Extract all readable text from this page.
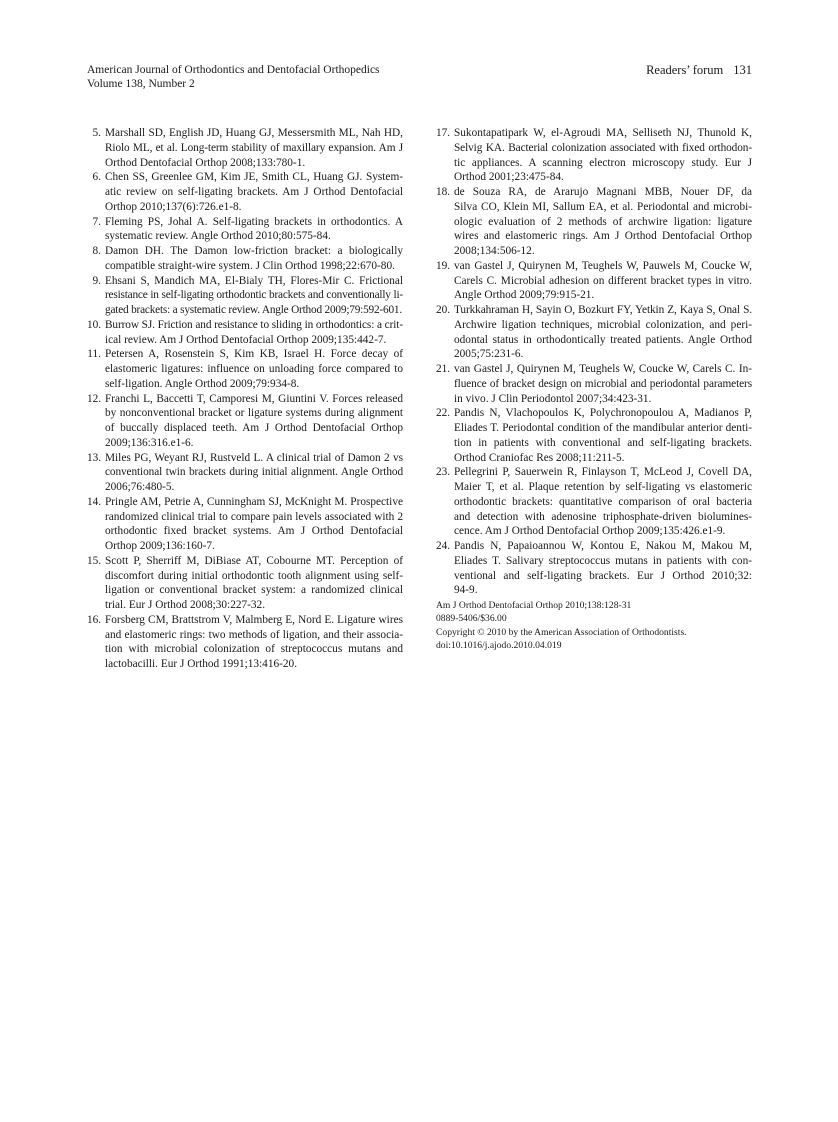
American Journal of Orthodontics and Dentofacial Orthopedics
Volume 138, Number 2
Readers’ forum 131
5. Marshall SD, English JD, Huang GJ, Messersmith ML, Nah HD,
Riolo ML, et al. Long-term stability of maxillary expansion. Am J
Orthod Dentofacial Orthop 2008;133:780-1.
6. Chen SS, Greenlee GM, Kim JE, Smith CL, Huang GJ. System-
atic review on self-ligating brackets. Am J Orthod Dentofacial
Orthop 2010;137(6):726.e1-8.
7. Fleming PS, Johal A. Self-ligating brackets in orthodontics. A
systematic review. Angle Orthod 2010;80:575-84.
8. Damon DH. The Damon low-friction bracket: a biologically
compatible straight-wire system. J Clin Orthod 1998;22:670-80.
9. Ehsani S, Mandich MA, El-Bialy TH, Flores-Mir C. Frictional
resistance in self-ligating orthodontic brackets and conventionally li-
gated brackets: a systematic review. Angle Orthod 2009;79:592-601.
10. Burrow SJ. Friction and resistance to sliding in orthodontics: a crit-
ical review. Am J Orthod Dentofacial Orthop 2009;135:442-7.
11. Petersen A, Rosenstein S, Kim KB, Israel H. Force decay of
elastomeric ligatures: influence on unloading force compared to
self-ligation. Angle Orthod 2009;79:934-8.
12. Franchi L, Baccetti T, Camporesi M, Giuntini V. Forces released
by nonconventional bracket or ligature systems during alignment
of buccally displaced teeth. Am J Orthod Dentofacial Orthop
2009;136:316.e1-6.
13. Miles PG, Weyant RJ, Rustveld L. A clinical trial of Damon 2 vs
conventional twin brackets during initial alignment. Angle Orthod
2006;76:480-5.
14. Pringle AM, Petrie A, Cunningham SJ, McKnight M. Prospective
randomized clinical trial to compare pain levels associated with 2
orthodontic fixed bracket systems. Am J Orthod Dentofacial
Orthop 2009;136:160-7.
15. Scott P, Sherriff M, DiBiase AT, Cobourne MT. Perception of
discomfort during initial orthodontic tooth alignment using self-
ligation or conventional bracket system: a randomized clinical
trial. Eur J Orthod 2008;30:227-32.
16. Forsberg CM, Brattstrom V, Malmberg E, Nord E. Ligature wires
and elastomeric rings: two methods of ligation, and their associa-
tion with microbial colonization of streptococcus mutans and
lactobacilli. Eur J Orthod 1991;13:416-20.
17. Sukontapatipark W, el-Agroudi MA, Selliseth NJ, Thunold K,
Selvig KA. Bacterial colonization associated with fixed orthodon-
tic appliances. A scanning electron microscopy study. Eur J
Orthod 2001;23:475-84.
18. de Souza RA, de Ararujo Magnani MBB, Nouer DF, da
Silva CO, Klein MI, Sallum EA, et al. Periodontal and microbi-
ologic evaluation of 2 methods of archwire ligation: ligature
wires and elastomeric rings. Am J Orthod Dentofacial Orthop
2008;134:506-12.
19. van Gastel J, Quirynen M, Teughels W, Pauwels M, Coucke W,
Carels C. Microbial adhesion on different bracket types in vitro.
Angle Orthod 2009;79:915-21.
20. Turkkahraman H, Sayin O, Bozkurt FY, Yetkin Z, Kaya S, Onal S.
Archwire ligation techniques, microbial colonization, and peri-
odontal status in orthodontically treated patients. Angle Orthod
2005;75:231-6.
21. van Gastel J, Quirynen M, Teughels W, Coucke W, Carels C. In-
fluence of bracket design on microbial and periodontal parameters
in vivo. J Clin Periodontol 2007;34:423-31.
22. Pandis N, Vlachopoulos K, Polychronopoulou A, Madianos P,
Eliades T. Periodontal condition of the mandibular anterior denti-
tion in patients with conventional and self-ligating brackets.
Orthod Craniofac Res 2008;11:211-5.
23. Pellegrini P, Sauerwein R, Finlayson T, McLeod J, Covell DA,
Maier T, et al. Plaque retention by self-ligating vs elastomeric
orthodontic brackets: quantitative comparison of oral bacteria
and detection with adenosine triphosphate-driven biolumines-
cence. Am J Orthod Dentofacial Orthop 2009;135:426.e1-9.
24. Pandis N, Papaioannou W, Kontou E, Nakou M, Makou M,
Eliades T. Salivary streptococcus mutans in patients with con-
ventional and self-ligating brackets. Eur J Orthod 2010;32:
94-9.
Am J Orthod Dentofacial Orthop 2010;138:128-31
0889-5406/$36.00
Copyright © 2010 by the American Association of Orthodontists.
doi:10.1016/j.ajodo.2010.04.019
